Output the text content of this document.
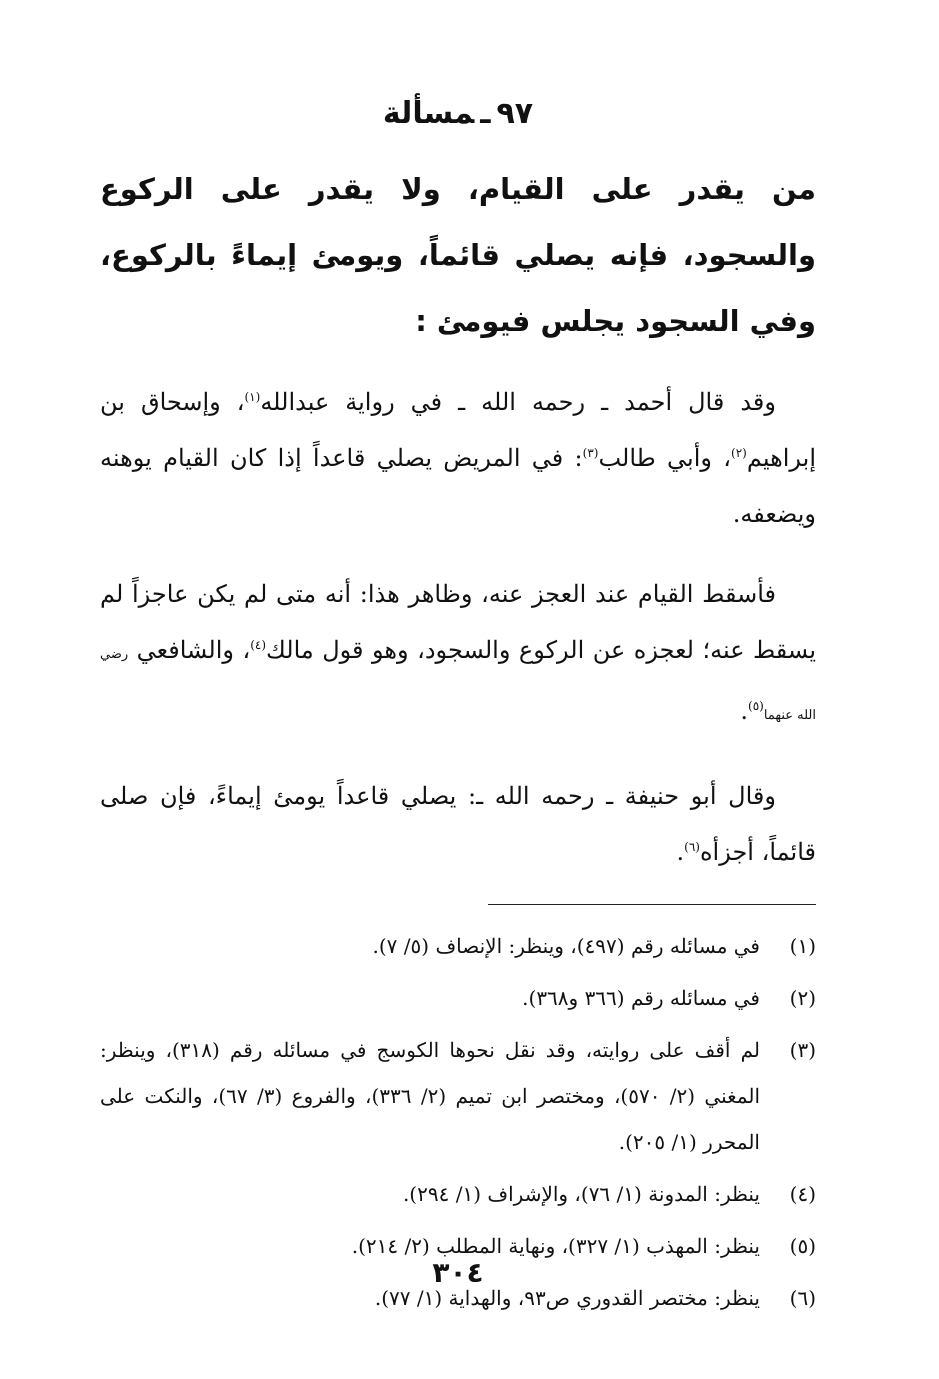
٩٧ـمسألة
من يقدر على القيام، ولا يقدر على الركوع والسجود، فإنه يصلي قائماً، ويومئ إيماءً بالركوع، وفي السجود يجلس فيومئ :

وقد قال أحمد ـ رحمه الله ـ في رواية عبدالله$^{(١)}$، وإسحاق بن إبراهيم$^{(٢)}$، وأبي طالب$^{(٣)}$: في المريض يصلي قاعداً إذا كان القيام يوهنه ويضعفه.

فأسقط القيام عند العجز عنه، وظاهر هذا: أنه متى لم يكن عاجزاً لم يسقط عنه؛ لعجزه عن الركوع والسجود، وهو قول مالك$^{(٤)}$، والشافعي رضي الله عنهما$^{(٥)}$.

وقال أبو حنيفة ـ رحمه الله ـ: يصلي قاعداً يومئ إيماءً، فإن صلى قائماً، أجزأه$^{(٦)}$.

(١)
في مسائله رقم (٤٩٧)، وينظر: الإنصاف (٥/ ٧).
(٢)
في مسائله رقم (٣٦٦ و٣٦٨).
(٣)
لم أقف على روايته، وقد نقل نحوها الكوسج في مسائله رقم (٣١٨)، وينظر: المغني (٢/ ٥٧٠)، ومختصر ابن تميم (٢/ ٣٣٦)، والفروع (٣/ ٦٧)، والنكت على المحرر (١/ ٢٠٥).
(٤)
ينظر: المدونة (١/ ٧٦)، والإشراف (١/ ٢٩٤).
(٥)
ينظر: المهذب (١/ ٣٢٧)، ونهاية المطلب (٢/ ٢١٤).
(٦)
ينظر: مختصر القدوري ص٩٣، والهداية (١/ ٧٧).
٣٠٤
